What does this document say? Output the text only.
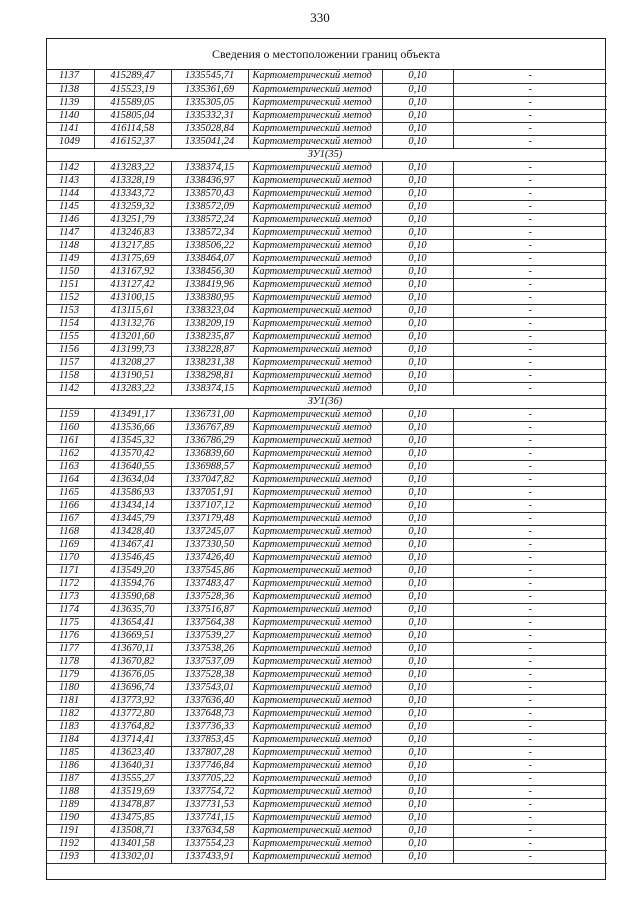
330
Сведения о местоположении границ объекта
1137	415289,47	1335545,71	Картометрический метод	0,10	-
1138	415523,19	1335361,69	Картометрический метод	0,10	-
1139	415589,05	1335305,05	Картометрический метод	0,10	-
1140	415805,04	1335332,31	Картометрический метод	0,10	-
1141	416114,58	1335028,84	Картометрический метод	0,10	-
1049	416152,37	1335041,24	Картометрический метод	0,10	-
ЗУ1(35)					
1142	413283,22	1338374,15	Картометрический метод	0,10	-
1143	413328,19	1338436,97	Картометрический метод	0,10	-
1144	413343,72	1338570,43	Картометрический метод	0,10	-
1145	413259,32	1338572,09	Картометрический метод	0,10	-
1146	413251,79	1338572,24	Картометрический метод	0,10	-
1147	413246,83	1338572,34	Картометрический метод	0,10	-
1148	413217,85	1338506,22	Картометрический метод	0,10	-
1149	413175,69	1338464,07	Картометрический метод	0,10	-
1150	413167,92	1338456,30	Картометрический метод	0,10	-
1151	413127,42	1338419,96	Картометрический метод	0,10	-
1152	413100,15	1338380,95	Картометрический метод	0,10	-
1153	413115,61	1338323,04	Картометрический метод	0,10	-
1154	413132,76	1338209,19	Картометрический метод	0,10	-
1155	413201,60	1338235,87	Картометрический метод	0,10	-
1156	413199,73	1338228,87	Картометрический метод	0,10	-
1157	413208,27	1338231,38	Картометрический метод	0,10	-
1158	413190,51	1338298,81	Картометрический метод	0,10	-
1142	413283,22	1338374,15	Картометрический метод	0,10	-
ЗУ1(36)					
1159	413491,17	1336731,00	Картометрический метод	0,10	-
1160	413536,66	1336767,89	Картометрический метод	0,10	-
1161	413545,32	1336786,29	Картометрический метод	0,10	-
1162	413570,42	1336839,60	Картометрический метод	0,10	-
1163	413640,55	1336988,57	Картометрический метод	0,10	-
1164	413634,04	1337047,82	Картометрический метод	0,10	-
1165	413586,93	1337051,91	Картометрический метод	0,10	-
1166	413434,14	1337107,12	Картометрический метод	0,10	-
1167	413445,79	1337179,48	Картометрический метод	0,10	-
1168	413428,40	1337245,07	Картометрический метод	0,10	-
1169	413467,41	1337330,50	Картометрический метод	0,10	-
1170	413546,45	1337426,40	Картометрический метод	0,10	-
1171	413549,20	1337545,86	Картометрический метод	0,10	-
1172	413594,76	1337483,47	Картометрический метод	0,10	-
1173	413590,68	1337528,36	Картометрический метод	0,10	-
1174	413635,70	1337516,87	Картометрический метод	0,10	-
1175	413654,41	1337564,38	Картометрический метод	0,10	-
1176	413669,51	1337539,27	Картометрический метод	0,10	-
1177	413670,11	1337538,26	Картометрический метод	0,10	-
1178	413670,82	1337537,09	Картометрический метод	0,10	-
1179	413676,05	1337528,38	Картометрический метод	0,10	-
1180	413696,74	1337543,01	Картометрический метод	0,10	-
1181	413773,92	1337636,40	Картометрический метод	0,10	-
1182	413772,80	1337648,73	Картометрический метод	0,10	-
1183	413764,82	1337736,33	Картометрический метод	0,10	-
1184	413714,41	1337853,45	Картометрический метод	0,10	-
1185	413623,40	1337807,28	Картометрический метод	0,10	-
1186	413640,31	1337746,84	Картометрический метод	0,10	-
1187	413555,27	1337705,22	Картометрический метод	0,10	-
1188	413519,69	1337754,72	Картометрический метод	0,10	-
1189	413478,87	1337731,53	Картометрический метод	0,10	-
1190	413475,85	1337741,15	Картометрический метод	0,10	-
1191	413508,71	1337634,58	Картометрический метод	0,10	-
1192	413401,58	1337554,23	Картометрический метод	0,10	-
1193	413302,01	1337433,91	Картометрический метод	0,10	-
